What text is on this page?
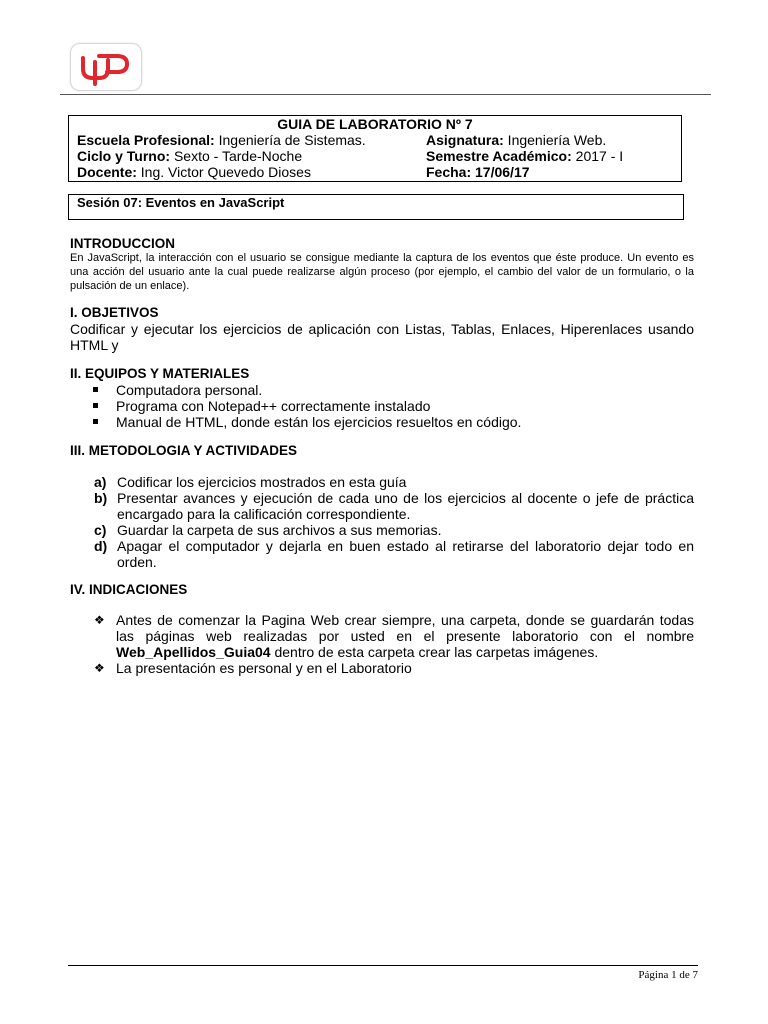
GUIA DE LABORATORIO Nº 7
Escuela Profesional: Ingeniería de Sistemas.	Asignatura: Ingeniería Web.
Ciclo y Turno: Sexto - Tarde-Noche	Semestre Académico: 2017 - I
Docente: Ing. Victor Quevedo Dioses	Fecha: 17/06/17
Sesión 07: Eventos en JavaScript
INTRODUCCION
En JavaScript, la interacción con el usuario se consigue mediante la captura de los eventos que éste produce. Un evento es una acción del usuario ante la cual puede realizarse algún proceso (por ejemplo, el cambio del valor de un formulario, o la pulsación de un enlace).
I. OBJETIVOS
Codificar y ejecutar los ejercicios de aplicación con Listas, Tablas, Enlaces, Hiperenlaces usando HTML y
II. EQUIPOS Y MATERIALES
Computadora personal.
Programa con Notepad++ correctamente instalado
Manual de HTML, donde están los ejercicios resueltos en código.
III. METODOLOGIA Y ACTIVIDADES
a) Codificar los ejercicios mostrados en esta guía
b) Presentar avances y ejecución de cada uno de los ejercicios al docente o jefe de práctica encargado para la calificación correspondiente.
c) Guardar la carpeta de sus archivos a sus memorias.
d) Apagar el computador y dejarla en buen estado al retirarse del laboratorio dejar todo en orden.
IV. INDICACIONES
❖ Antes de comenzar la Pagina Web crear siempre, una carpeta, donde se guardarán todas las páginas web realizadas por usted en el presente laboratorio con el nombre Web_Apellidos_Guia04 dentro de esta carpeta crear las carpetas imágenes.
❖ La presentación es personal y en el Laboratorio
Página 1 de 7
